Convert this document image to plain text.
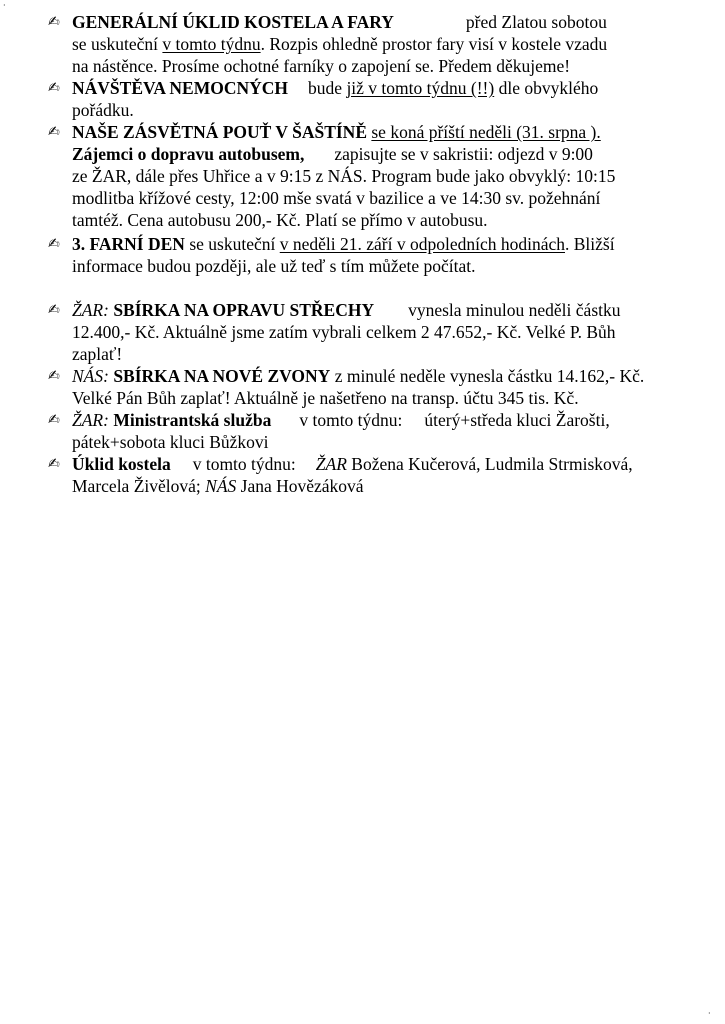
·
·
✍ GENERÁLNÍ ÚKLID KOSTELA A FARY	před Zlatou sobotou
se uskuteční v tomto týdnu. Rozpis ohledně prostor fary visí v kostele vzadu
na nástěnce. Prosíme ochotné farníky o zapojení se. Předem děkujeme!
✍ NÁVŠTĚVA NEMOCNÝCH bude již v tomto týdnu (!!) dle obvyklého
pořádku.
✍ NAŠE ZÁSVĚTNÁ POUŤ V ŠAŠTÍNĚ se koná příští neděli (31. srpna ).
Zájemci o dopravu autobusem, zapisujte se v sakristii: odjezd v 9:00
ze ŽAR, dále přes Uhřice a v 9:15 z NÁS. Program bude jako obvyklý: 10:15
modlitba křížové cesty, 12:00 mše svatá v bazilice a ve 14:30 sv. požehnání
tamtéž. Cena autobusu 200,- Kč. Platí se přímo v autobusu.
✍ 3. FARNÍ DEN se uskuteční v neděli 21. září v odpoledních hodinách. Bližší
informace budou později, ale už teď s tím můžete počítat.
✍ ŽAR: SBÍRKA NA OPRAVU STŘECHY vynesla minulou neděli částku
12.400,- Kč. Aktuálně jsme zatím vybrali celkem 2 47.652,- Kč. Velké P. Bůh
zaplať!
✍ NÁS: SBÍRKA NA NOVÉ ZVONY z minulé neděle vynesla částku 14.162,- Kč.
Velké Pán Bůh zaplať! Aktuálně je našetřeno na transp. účtu 345 tis. Kč.
✍ ŽAR: Ministrantská služba v tomto týdnu: úterý+středa kluci Žarošti,
pátek+sobota kluci Bůžkovi
✍ Úklid kostela v tomto týdnu: ŽAR Božena Kučerová, Ludmila Strmisková,
Marcela Živělová; NÁS Jana Hovězáková
